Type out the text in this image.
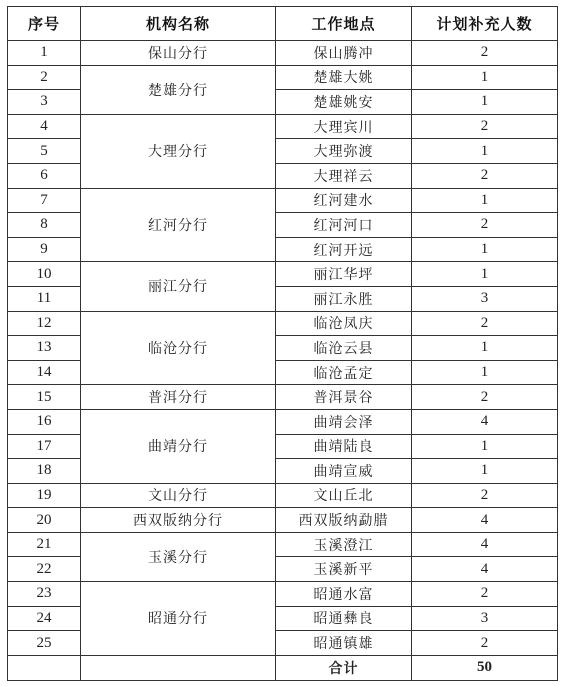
序号	机构名称	工作地点	计划补充人数
1	保山分行	保山腾冲	2
2	楚雄分行	楚雄大姚	1
3		楚雄姚安	1
4	大理分行	大理宾川	2
5		大理弥渡	1
6		大理祥云	2
7	红河分行	红河建水	1
8		红河河口	2
9		红河开远	1
10	丽江分行	丽江华坪	1
11		丽江永胜	3
12	临沧分行	临沧凤庆	2
13		临沧云县	1
14		临沧孟定	1
15	普洱分行	普洱景谷	2
16	曲靖分行	曲靖会泽	4
17		曲靖陆良	1
18		曲靖宣威	1
19	文山分行	文山丘北	2
20	西双版纳分行	西双版纳勐腊	4
21	玉溪分行	玉溪澄江	4
22		玉溪新平	4
23	昭通分行	昭通水富	2
24		昭通彝良	3
25		昭通镇雄	2
		合计	50
